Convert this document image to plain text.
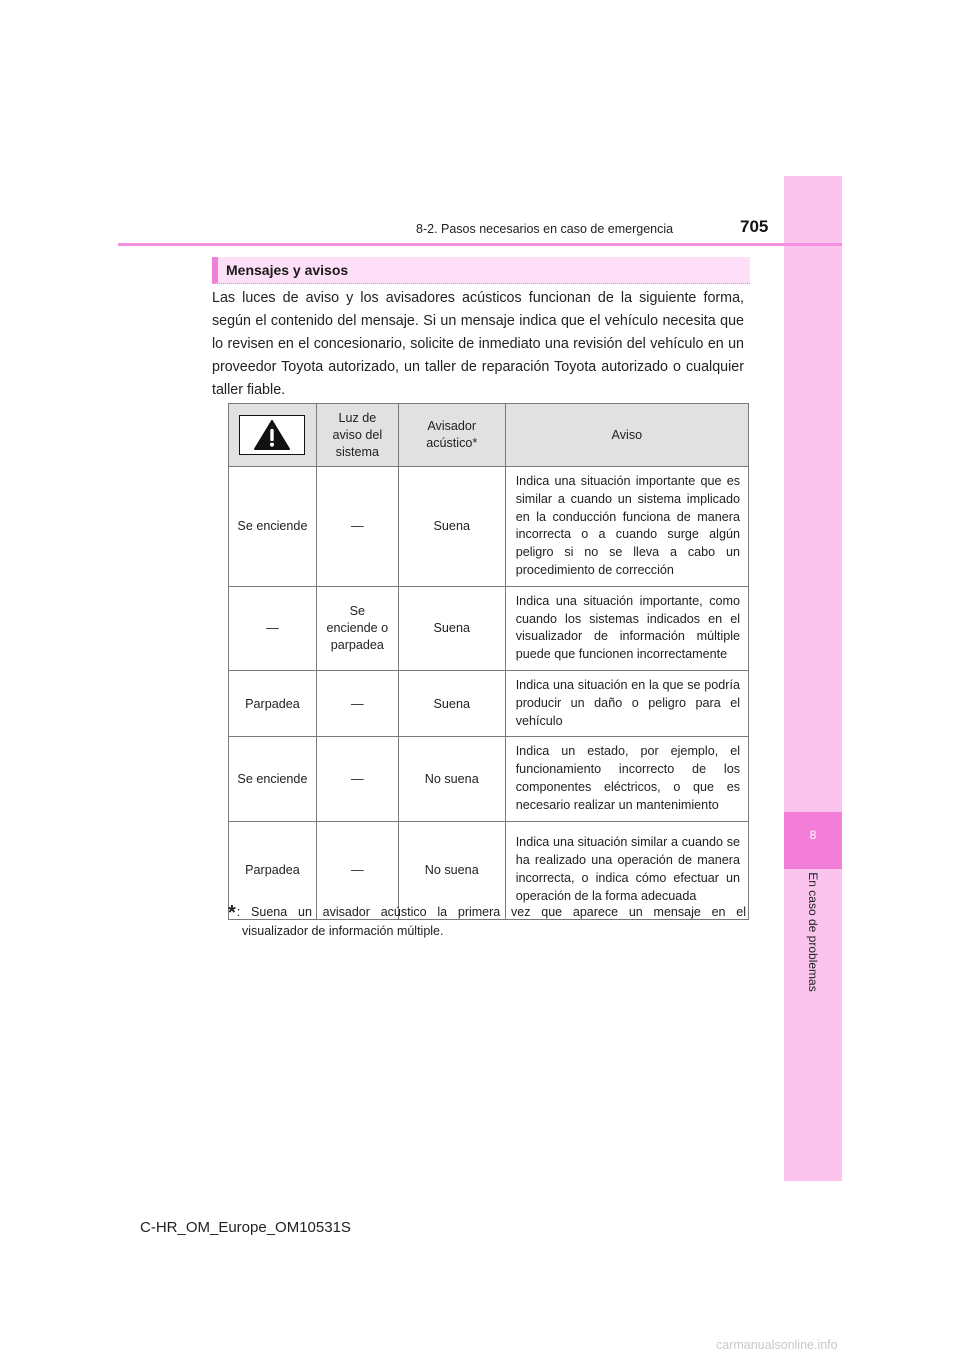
8
En caso de problemas
8-2. Pasos necesarios en caso de emergencia	705
Mensajes y avisos
Las luces de aviso y los avisadores acústicos funcionan de la siguiente forma, según el contenido del mensaje. Si un mensaje indica que el vehículo necesita que lo revisen en el concesionario, solicite de inmediato una revisión del vehículo en un proveedor Toyota autorizado, un taller de reparación Toyota autorizado o cualquier taller fiable.
	Luz de aviso del sistema	Avisador acústico*	Aviso
Se enciende	—	Suena	Indica una situación importante que es similar a cuando un sistema implicado en la conducción funciona de manera incorrecta o a cuando surge algún peligro si no se lleva a cabo un procedimiento de corrección
—	Se enciende o parpadea	Suena	Indica una situación importante, como cuando los sistemas indicados en el visualizador de información múltiple puede que funcionen incorrectamente
Parpadea	—	Suena	Indica una situación en la que se podría producir un daño o peligro para el vehículo
Se enciende	—	No suena	Indica un estado, por ejemplo, el funcionamiento incorrecto de los componentes eléctricos, o que es necesario realizar un mantenimiento
Parpadea	—	No suena	Indica una situación similar a cuando se ha realizado una operación de manera incorrecta, o indica cómo efectuar un operación de la forma adecuada
*: Suena un avisador acústico la primera vez que aparece un mensaje en el
visualizador de información múltiple.
C-HR_OM_Europe_OM10531S
carmanualsonline.info
